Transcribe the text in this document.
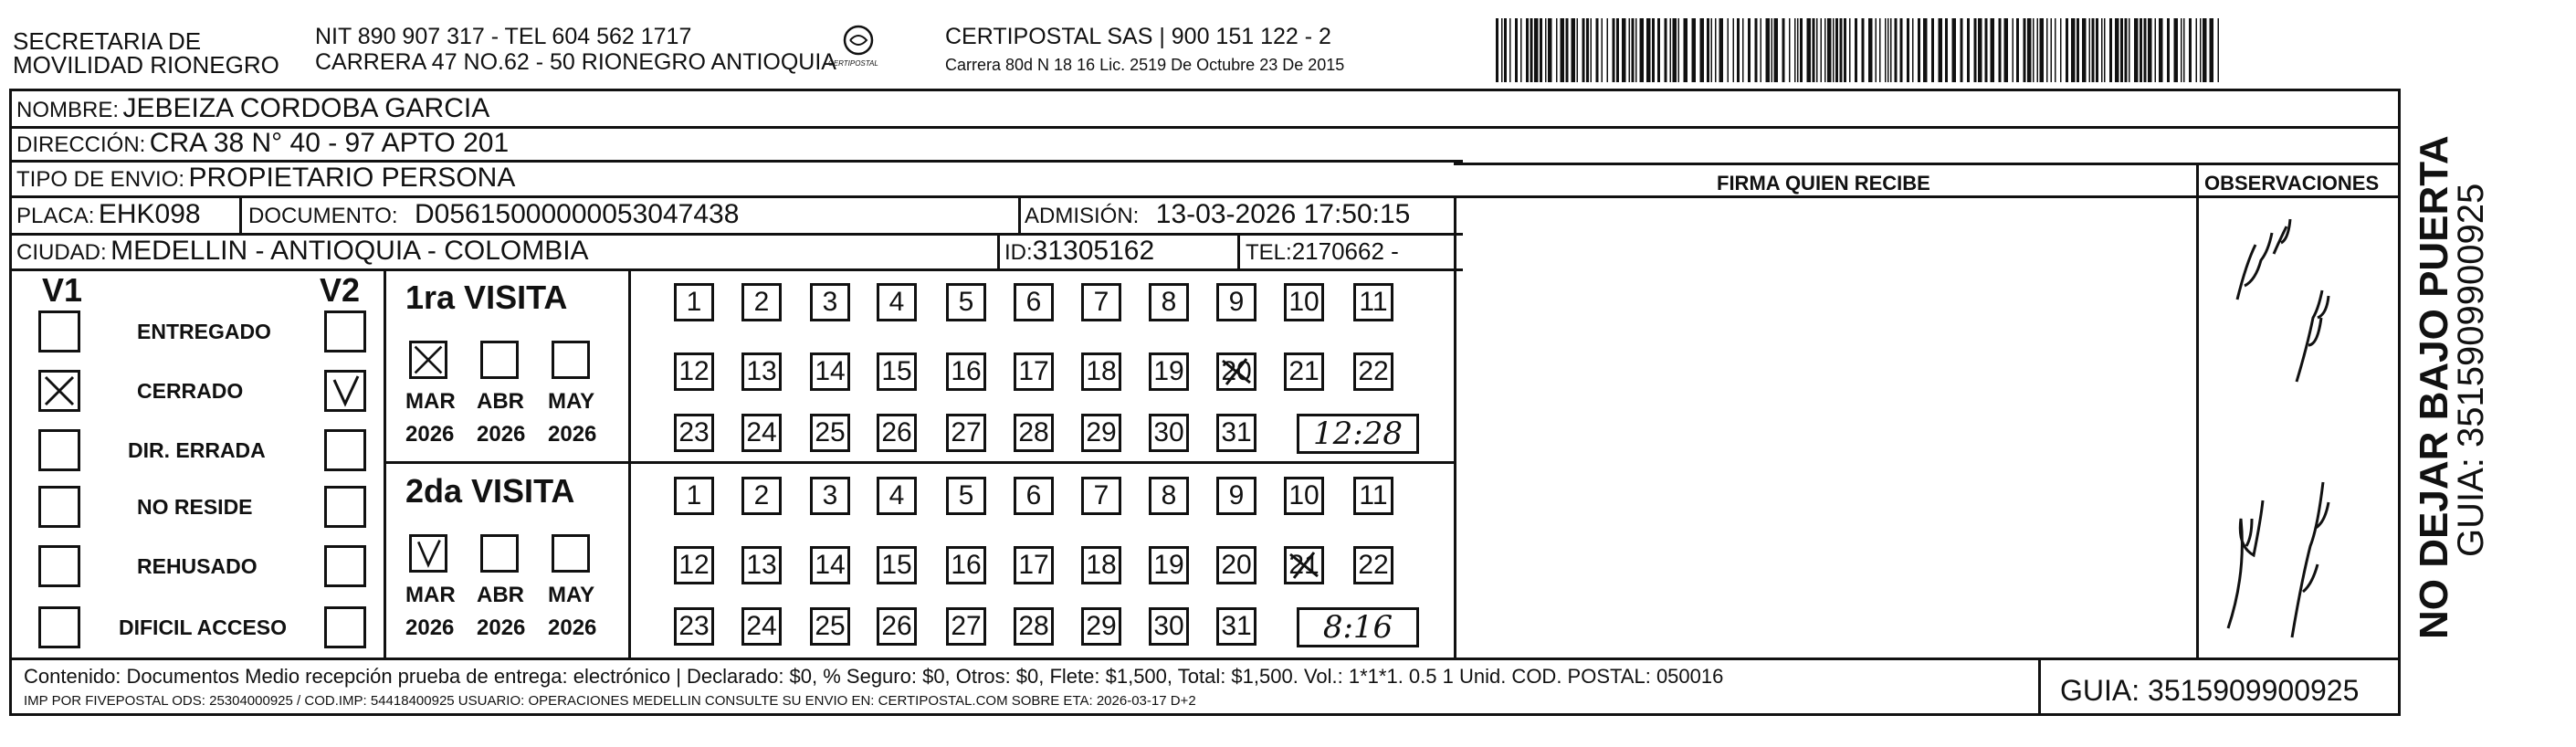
SECRETARIA DE
MOVILIDAD RIONEGRO
NIT 890 907 317 - TEL 604 562 1717
CARRERA 47 NO.62 - 50 RIONEGRO ANTIOQUIA
CERTIPOSTAL
CERTIPOSTAL SAS | 900 151 122 - 2
Carrera 80d N 18 16 Lic. 2519 De Octubre 23 De 2015
NOMBRE: JEBEIZA CORDOBA GARCIA
DIRECCIÓN: CRA 38 N° 40 - 97 APTO 201
TIPO DE ENVIO: PROPIETARIO PERSONA
PLACA: EHK098 DOCUMENTO: D05615000000053047438	ADMISIÓN: 13-03-2026 17:50:15
CIUDAD: MEDELLIN - ANTIOQUIA - COLOMBIA	ID:31305162	TEL:2170662 -
FIRMA QUIEN RECIBE	OBSERVACIONES
V1	V2
ENTREGADO
CERRADO
DIR. ERRADA
NO RESIDE
REHUSADO
DIFICIL ACCESO
1ra VISITA
MAR
2026
ABR
2026
MAY
2026
1	2	3	4	5	6	7	8	9	10 11
12 13 14 15 16 17 18 19 20 21 22
23 24 25 26 27 28 29 30 31	12:28
2da VISITA
MAR
2026
ABR
2026
MAY
2026
1	2	3	4	5	6	7	8	9	10 11
12 13 14 15 16 17 18 19 20 21 22
23 24 25 26 27 28 29 30 31	8:16	NO DEJAR BAJO PUERTA
GUIA: 3515909900925
Contenido: Documentos Medio recepción prueba de entrega: electrónico | Declarado: $0, % Seguro: $0, Otros: $0, Flete: $1,500, Total: $1,500. Vol.: 1*1*1. 0.5 1 Unid. COD. POSTAL: 050016
IMP POR FIVEPOSTAL ODS: 25304000925 / COD.IMP: 54418400925 USUARIO: OPERACIONES MEDELLIN CONSULTE SU ENVIO EN: CERTIPOSTAL.COM SOBRE ETA: 2026-03-17 D+2	GUIA: 3515909900925
